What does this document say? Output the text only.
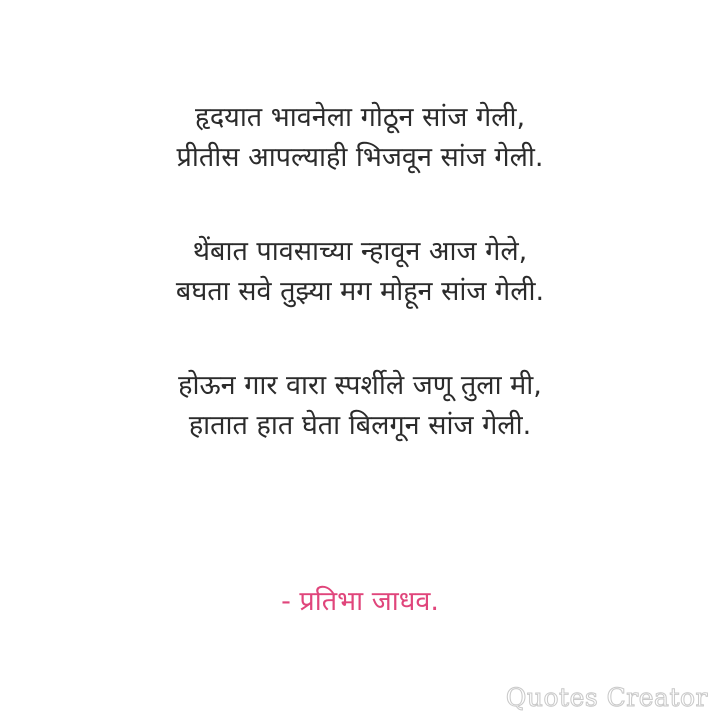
हृदयात भावनेला गोठून सांज गेली,
प्रीतीस आपल्याही भिजवून सांज गेली.
थेंबात पावसाच्या न्हावून आज गेले,
बघता सवे तुझ्या मग मोहून सांज गेली.
होऊन गार वारा स्पर्शीले जणू तुला मी,
हातात हात घेता बिलगून सांज गेली.
- प्रतिभा जाधव.
Quotes Creator
